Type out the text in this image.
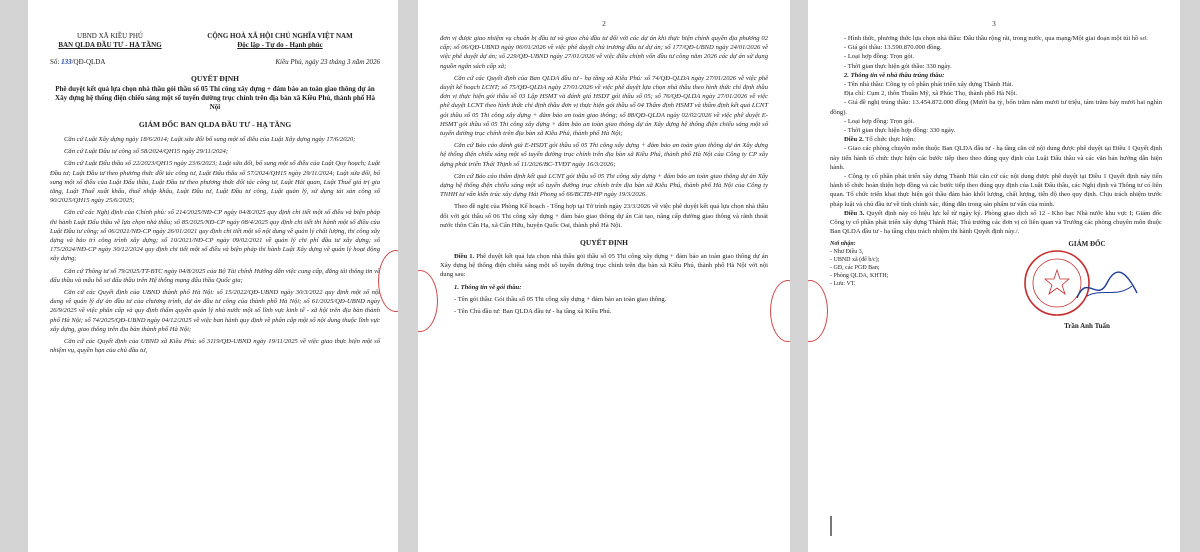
UBND XÃ KIỀU PHÚ
BAN QLDA ĐẦU TƯ - HẠ TẦNG
CỘNG HOÀ XÃ HỘI CHỦ NGHĨA VIỆT NAM
Độc lập - Tự do - Hạnh phúc
Số: 133/QĐ-QLDA	Kiều Phú, ngày 23 tháng 3 năm 2026
QUYẾT ĐỊNH
Phê duyệt kết quả lựa chọn nhà thầu gói thầu số 05 Thi công xây dựng + đảm bảo an toàn giao thông dự án Xây dựng hệ thống điện chiếu sáng một số tuyến đường trục chính trên địa bàn xã Kiều Phú, thành phố Hà Nội
GIÁM ĐỐC BAN QLDA ĐẦU TƯ - HẠ TẦNG

Căn cứ Luật Xây dựng ngày 18/6/2014; Luật sửa đổi bổ sung một số điều của Luật Xây dựng ngày 17/6/2020;

Căn cứ Luật Đầu tư công số 58/2024/QH15 ngày 29/11/2024;

Căn cứ Luật Đấu thầu số 22/2023/QH15 ngày 23/6/2023; Luật sửa đổi, bổ sung một số điều của Luật Quy hoạch; Luật Đầu tư; Luật Đầu tư theo phương thức đối tác công tư, Luật Đấu thầu số 57/2024/QH15 ngày 29/11/2024; Luật sửa đổi, bổ sung một số điều của Luật Đấu thầu, Luật Đầu tư theo phương thức đối tác công tư, Luật Hải quan, Luật Thuế giá trị gia tăng, Luật Thuế xuất khẩu, thuế nhập khẩu, Luật Đầu tư, Luật Đầu tư công, Luật quản lý, sử dụng tài sản công số 90/2025/QH15 ngày 25/6/2025;

Căn cứ các Nghị định của Chính phủ: số 214/2025/NĐ-CP ngày 04/8/2025 quy định chi tiết một số điều và biện pháp thi hành Luật Đấu thầu về lựa chọn nhà thầu; số 85/2025/NĐ-CP ngày 08/4/2025 quy định chi tiết thi hành một số điều của Luật Đầu tư công; số 06/2021/NĐ-CP ngày 26/01/2021 quy định chi tiết một số nội dung về quản lý chất lượng, thi công xây dựng và bảo trì công trình xây dựng; số 10/2021/NĐ-CP ngày 09/02/2021 về quản lý chi phí đầu tư xây dựng; số 175/2024/NĐ-CP ngày 30/12/2024 quy định chi tiết một số điều và biện pháp thi hành Luật Xây dựng về quản lý hoạt động xây dựng;

Căn cứ Thông tư số 79/2025/TT-BTC ngày 04/8/2025 của Bộ Tài chính Hướng dẫn việc cung cấp, đăng tải thông tin về đấu thầu và mẫu hồ sơ đấu thầu trên Hệ thống mạng đấu thầu Quốc gia;

Căn cứ các Quyết định của UBND thành phố Hà Nội: số 15/2022/QĐ-UBND ngày 30/3/2022 quy định một số nội dung về quản lý dự án đầu tư của chương trình, dự án đầu tư công của thành phố Hà Nội; số 61/2025/QĐ-UBND ngày 26/9/2025 về việc phân cấp và quy định thẩm quyền quản lý nhà nước một số lĩnh vực kinh tế - xã hội trên địa bàn thành phố Hà Nội; số 74/2025/QĐ-UBND ngày 04/12/2025 về việc ban hành quy định về phân cấp một số nội dung thuộc lĩnh vực xây dựng, giao thông trên địa bàn thành phố Hà Nội;

Căn cứ các Quyết định của UBND xã Kiều Phú: số 3119/QĐ-UBND ngày 19/11/2025 về việc giao thực hiện một số nhiệm vụ, quyền hạn của chủ đầu tư,

2

đơn vị được giao nhiệm vụ chuẩn bị đầu tư và giao chủ đầu tư đối với các dự án khi thực hiện chính quyền địa phương 02 cấp; số 06/QĐ-UBND ngày 06/01/2026 về việc phê duyệt chủ trương đầu tư dự án; số 177/QĐ-UBND ngày 24/01/2026 về việc phê duyệt dự án; số 229/QĐ-UBND ngày 27/01/2026 về việc điều chỉnh vốn đầu tư công năm 2026 các dự án sử dụng nguồn ngân sách cấp xã;

Căn cứ các Quyết định của Ban QLDA đầu tư - hạ tầng xã Kiều Phú: số 74/QĐ-QLDA ngày 27/01/2026 về việc phê duyệt kế hoạch LCNT; số 75/QĐ-QLDA ngày 27/01/2026 về việc phê duyệt lựa chọn nhà thầu theo hình thức chỉ định thầu đơn vị thực hiện gói thầu số 03 Lập HSMT và đánh giá HSDT gói thầu số 05; số 76/QĐ-QLDA ngày 27/01/2026 về việc phê duyệt LCNT theo hình thức chỉ định thầu đơn vị thực hiện gói thầu số 04 Thẩm định HSMT và thẩm định kết quả LCNT gói thầu số 05 Thi công xây dựng + đảm bảo an toàn giao thông; số 88/QĐ-QLDA ngày 02/02/2026 về việc phê duyệt E-HSMT gói thầu số 05 Thi công xây dựng + đảm bảo an toàn giao thông dự án Xây dựng hệ thống điện chiếu sáng một số tuyến đường trục chính trên địa bàn xã Kiều Phú, thành phố Hà Nội;

Căn cứ Báo cáo đánh giá E-HSDT gói thầu số 05 Thi công xây dựng + đảm bảo an toàn giao thông dự án Xây dựng hệ thống điện chiếu sáng một số tuyến đường trục chính trên địa bàn xã Kiều Phú, thành phố Hà Nội của Công ty CP xây dựng phát triển Thái Thịnh số 11/2026/BC-TVĐT ngày 16/3/2026;

Căn cứ Báo cáo thẩm định kết quả LCNT gói thầu số 05 Thi công xây dựng + đảm bảo an toàn giao thông dự án Xây dựng hệ thống điện chiếu sáng một số tuyến đường trục chính trên địa bàn xã Kiều Phú, thành phố Hà Nội của Công ty TNHH tư vấn kiến trúc xây dựng Hải Phong số 66/BCTĐ-HP ngày 19/3/2026.

Theo đề nghị của Phòng Kế hoạch - Tổng hợp tại Tờ trình ngày 23/3/2026 về việc phê duyệt kết quả lựa chọn nhà thầu đối với gói thầu số 06 Thi công xây dựng + đảm bảo giao thông dự án Cải tạo, nâng cấp đường giao thông và rãnh thoát nước thôn Cẩn Hạ, xã Cẩn Hữu, huyện Quốc Oai, thành phố Hà Nội.

QUYẾT ĐỊNH

Điều 1. Phê duyệt kết quả lựa chọn nhà thầu gói thầu số 05 Thi công xây dựng + đảm bảo an toàn giao thông dự án Xây dựng hệ thống điện chiếu sáng một số tuyến đường trục chính trên địa bàn xã Kiều Phú, thành phố Hà Nội với nội dung sau:

1. Thông tin về gói thầu:

- Tên gói thầu: Gói thầu số 05 Thi công xây dựng + đảm bảo an toàn giao thông.

- Tên Chủ đầu tư: Ban QLDA đầu tư - hạ tầng xã Kiều Phú.

3

- Hình thức, phương thức lựa chọn nhà thầu: Đấu thầu rộng rãi, trong nước, qua mạng/Một giai đoạn một túi hồ sơ.

- Giá gói thầu: 13.590.870.000 đồng.

- Loại hợp đồng: Trọn gói.

- Thời gian thực hiện gói thầu: 330 ngày.

2. Thông tin về nhà thầu trúng thầu:

- Tên nhà thầu: Công ty cổ phần phát triển xây dựng Thành Hải.

Địa chỉ: Cụm 2, thôn Thuần Mỹ, xã Phúc Thọ, thành phố Hà Nội.

- Giá đề nghị trúng thầu: 13.454.872.000 đồng (Mười ba tỷ, bốn trăm năm mươi tư triệu, tám trăm bảy mươi hai nghìn đồng).

- Loại hợp đồng: Trọn gói.

- Thời gian thực hiện hợp đồng: 330 ngày.

Điều 2. Tổ chức thực hiện:

- Giao các phòng chuyên môn thuộc Ban QLDA đầu tư - hạ tầng căn cứ nội dung được phê duyệt tại Điều 1 Quyết định này tiến hành tổ chức thực hiện các bước tiếp theo theo đúng quy định của Luật Đấu thầu và các văn bản hướng dẫn hiện hành.

- Công ty cổ phần phát triển xây dựng Thành Hải căn cứ các nội dung được phê duyệt tại Điều 1 Quyết định này tiến hành tổ chức hoàn thiện hợp đồng và các bước tiếp theo đúng quy định của Luật Đấu thầu, các Nghị định và Thông tư có liên quan. Tổ chức triển khai thực hiện gói thầu đảm bảo khối lượng, chất lượng, tiến độ theo quy định. Chịu trách nhiệm trước pháp luật và chủ đầu tư về tính chính xác, đúng đắn trong sản phẩm tư vấn của mình.

Điều 3. Quyết định này có hiệu lực kể từ ngày ký. Phòng giao dịch số 12 - Kho bạc Nhà nước khu vực I; Giám đốc Công ty cổ phần phát triển xây dựng Thành Hải; Thủ trưởng các đơn vị có liên quan và Trưởng các phòng chuyên môn thuộc Ban QLDA đầu tư - hạ tầng chịu trách nhiệm thi hành Quyết định này./.

Nơi nhận:
- Như Điều 3,
- UBND xã (để b/c);
- GĐ, các PGĐ Ban;
- Phòng QLDA, KHTH;
- Lưu: VT.
GIÁM ĐỐC
Trần Anh Tuấn
